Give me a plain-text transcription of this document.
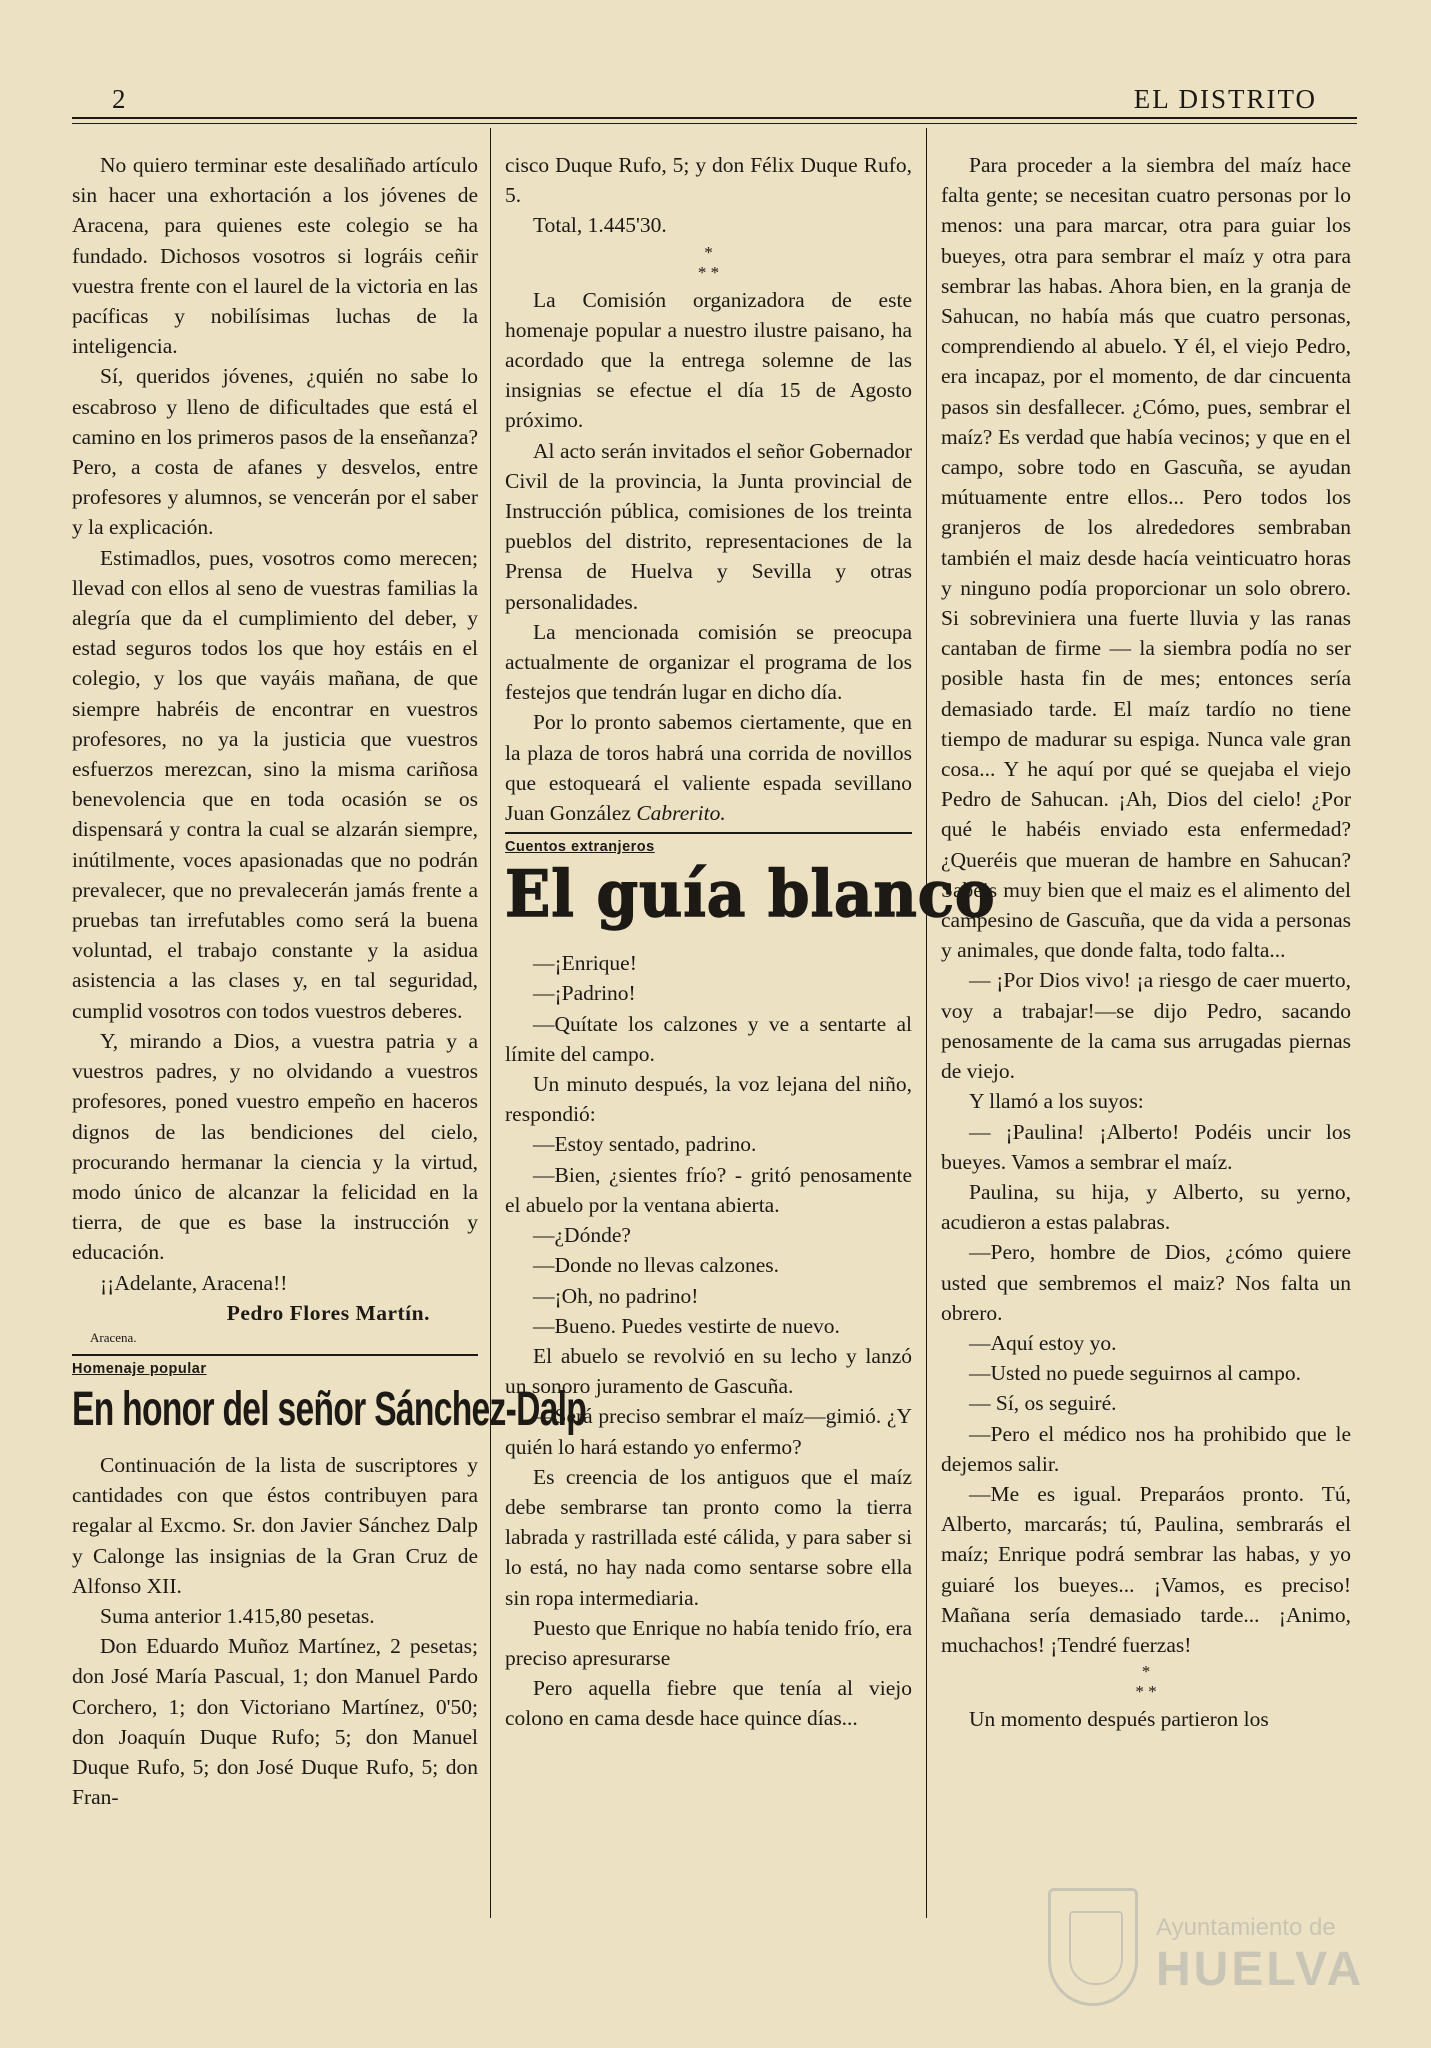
2	EL DISTRITO

No quiero terminar este desaliñado artículo sin hacer una exhortación a los jóvenes de Aracena, para quienes este colegio se ha fundado. Dichosos vosotros si lográis ceñir vuestra frente con el laurel de la victoria en las pacíficas y nobilísimas luchas de la inteligencia.

Sí, queridos jóvenes, ¿quién no sabe lo escabroso y lleno de dificultades que está el camino en los primeros pasos de la enseñanza? Pero, a costa de afanes y desvelos, entre profesores y alumnos, se vencerán por el saber y la explicación.

Estimadlos, pues, vosotros como merecen; llevad con ellos al seno de vuestras familias la alegría que da el cumplimiento del deber, y estad seguros todos los que hoy estáis en el colegio, y los que vayáis mañana, de que siempre habréis de encontrar en vuestros profesores, no ya la justicia que vuestros esfuerzos merezcan, sino la misma cariñosa benevolencia que en toda ocasión se os dispensará y contra la cual se alzarán siempre, inútilmente, voces apasionadas que no podrán prevalecer, que no prevalecerán jamás frente a pruebas tan irrefutables como será la buena voluntad, el trabajo constante y la asidua asistencia a las clases y, en tal seguridad, cumplid vosotros con todos vuestros deberes.

Y, mirando a Dios, a vuestra patria y a vuestros padres, y no olvidando a vuestros profesores, poned vuestro empeño en haceros dignos de las bendiciones del cielo, procurando hermanar la ciencia y la virtud, modo único de alcanzar la felicidad en la tierra, de que es base la instrucción y educación.

¡¡Adelante, Aracena!!

Pedro Flores Martín.
Aracena.
Homenaje popular
En honor del señor Sánchez-Dalp

Continuación de la lista de suscriptores y cantidades con que éstos contribuyen para regalar al Excmo. Sr. don Javier Sánchez Dalp y Calonge las insignias de la Gran Cruz de Alfonso XII.

Suma anterior 1.415,80 pesetas.

Don Eduardo Muñoz Martínez, 2 pesetas; don José María Pascual, 1; don Manuel Pardo Corchero, 1; don Victoriano Martínez, 0'50; don Joaquín Duque Rufo; 5; don Manuel Duque Rufo, 5; don José Duque Rufo, 5; don Fran-

cisco Duque Rufo, 5; y don Félix Duque Rufo, 5.

Total, 1.445'30.

*
* *

La Comisión organizadora de este homenaje popular a nuestro ilustre paisano, ha acordado que la entrega solemne de las insignias se efectue el día 15 de Agosto próximo.

Al acto serán invitados el señor Gobernador Civil de la provincia, la Junta provincial de Instrucción pública, comisiones de los treinta pueblos del distrito, representaciones de la Prensa de Huelva y Sevilla y otras personalidades.

La mencionada comisión se preocupa actualmente de organizar el programa de los festejos que tendrán lugar en dicho día.

Por lo pronto sabemos ciertamente, que en la plaza de toros habrá una corrida de novillos que estoqueará el valiente espada sevillano Juan González Cabrerito.

Cuentos extranjeros
El guía blanco

—¡Enrique!

—¡Padrino!

—Quítate los calzones y ve a sentarte al límite del campo.

Un minuto después, la voz lejana del niño, respondió:

—Estoy sentado, padrino.

—Bien, ¿sientes frío? - gritó penosamente el abuelo por la ventana abierta.

—¿Dónde?

—Donde no llevas calzones.

—¡Oh, no padrino!

—Bueno. Puedes vestirte de nuevo.

El abuelo se revolvió en su lecho y lanzó un sonoro juramento de Gascuña.

—Será preciso sembrar el maíz—gimió. ¿Y quién lo hará estando yo enfermo?

Es creencia de los antiguos que el maíz debe sembrarse tan pronto como la tierra labrada y rastrillada esté cálida, y para saber si lo está, no hay nada como sentarse sobre ella sin ropa intermediaria.

Puesto que Enrique no había tenido frío, era preciso apresurarse

Pero aquella fiebre que tenía al viejo colono en cama desde hace quince días...

Para proceder a la siembra del maíz hace falta gente; se necesitan cuatro personas por lo menos: una para marcar, otra para guiar los bueyes, otra para sembrar el maíz y otra para sembrar las habas. Ahora bien, en la granja de Sahucan, no había más que cuatro personas, comprendiendo al abuelo. Y él, el viejo Pedro, era incapaz, por el momento, de dar cincuenta pasos sin desfallecer. ¿Cómo, pues, sembrar el maíz? Es verdad que había vecinos; y que en el campo, sobre todo en Gascuña, se ayudan mútuamente entre ellos... Pero todos los granjeros de los alrededores sembraban también el maiz desde hacía veinticuatro horas y ninguno podía proporcionar un solo obrero. Si sobreviniera una fuerte lluvia y las ranas cantaban de firme — la siembra podía no ser posible hasta fin de mes; entonces sería demasiado tarde. El maíz tardío no tiene tiempo de madurar su espiga. Nunca vale gran cosa... Y he aquí por qué se quejaba el viejo Pedro de Sahucan. ¡Ah, Dios del cielo! ¿Por qué le habéis enviado esta enfermedad? ¿Queréis que mueran de hambre en Sahucan? Sabéis muy bien que el maiz es el alimento del campesino de Gascuña, que da vida a personas y animales, que donde falta, todo falta...

— ¡Por Dios vivo! ¡a riesgo de caer muerto, voy a trabajar!—se dijo Pedro, sacando penosamente de la cama sus arrugadas piernas de viejo.

Y llamó a los suyos:

— ¡Paulina! ¡Alberto! Podéis uncir los bueyes. Vamos a sembrar el maíz.

Paulina, su hija, y Alberto, su yerno, acudieron a estas palabras.

—Pero, hombre de Dios, ¿cómo quiere usted que sembremos el maiz? Nos falta un obrero.

—Aquí estoy yo.

—Usted no puede seguirnos al campo.

— Sí, os seguiré.

—Pero el médico nos ha prohibido que le dejemos salir.

—Me es igual. Preparáos pronto. Tú, Alberto, marcarás; tú, Paulina, sembrarás el maíz; Enrique podrá sembrar las habas, y yo guiaré los bueyes... ¡Vamos, es preciso! Mañana sería demasiado tarde... ¡Animo, muchachos! ¡Tendré fuerzas!

*
* *

Un momento después partieron los

Ayuntamiento de
HUELVA
